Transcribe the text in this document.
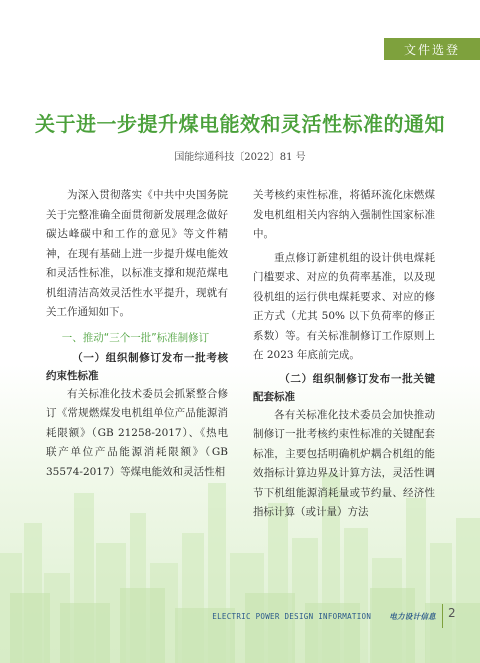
文件选登
关于进一步提升煤电能效和灵活性标准的通知
国能综通科技〔2022〕81 号

为深入贯彻落实《中共中央国务院关于完整准确全面贯彻新发展理念做好碳达峰碳中和工作的意见》等文件精神，在现有基础上进一步提升煤电能效和灵活性标准，以标准支撑和规范煤电机组清洁高效灵活性水平提升，现就有关工作通知如下。

一、推动“三个一批”标准制修订

（一）组织制修订发布一批考核约束性标准

有关标准化技术委员会抓紧整合修订《常规燃煤发电机组单位产品能源消耗限额》（GB 21258-2017）、《热电联产单位产品能源消耗限额》（GB 35574-2017）等煤电能效和灵活性相

关考核约束性标准，将循环流化床燃煤发电机组相关内容纳入强制性国家标准中。

重点修订新建机组的设计供电煤耗门槛要求、对应的负荷率基准，以及现役机组的运行供电煤耗要求、对应的修正方式（尤其 50% 以下负荷率的修正系数）等。有关标准制修订工作原则上在 2023 年底前完成。

（二）组织制修订发布一批关键配套标准

各有关标准化技术委员会加快推动制修订一批考核约束性标准的关键配套标准，主要包括明确机炉耦合机组的能效指标计算边界及计算方法，灵活性调节下机组能源消耗量或节约量、经济性指标计算（或计量）方法

ELECTRIC POWER DESIGN INFORMATION 电力设计信息 2
